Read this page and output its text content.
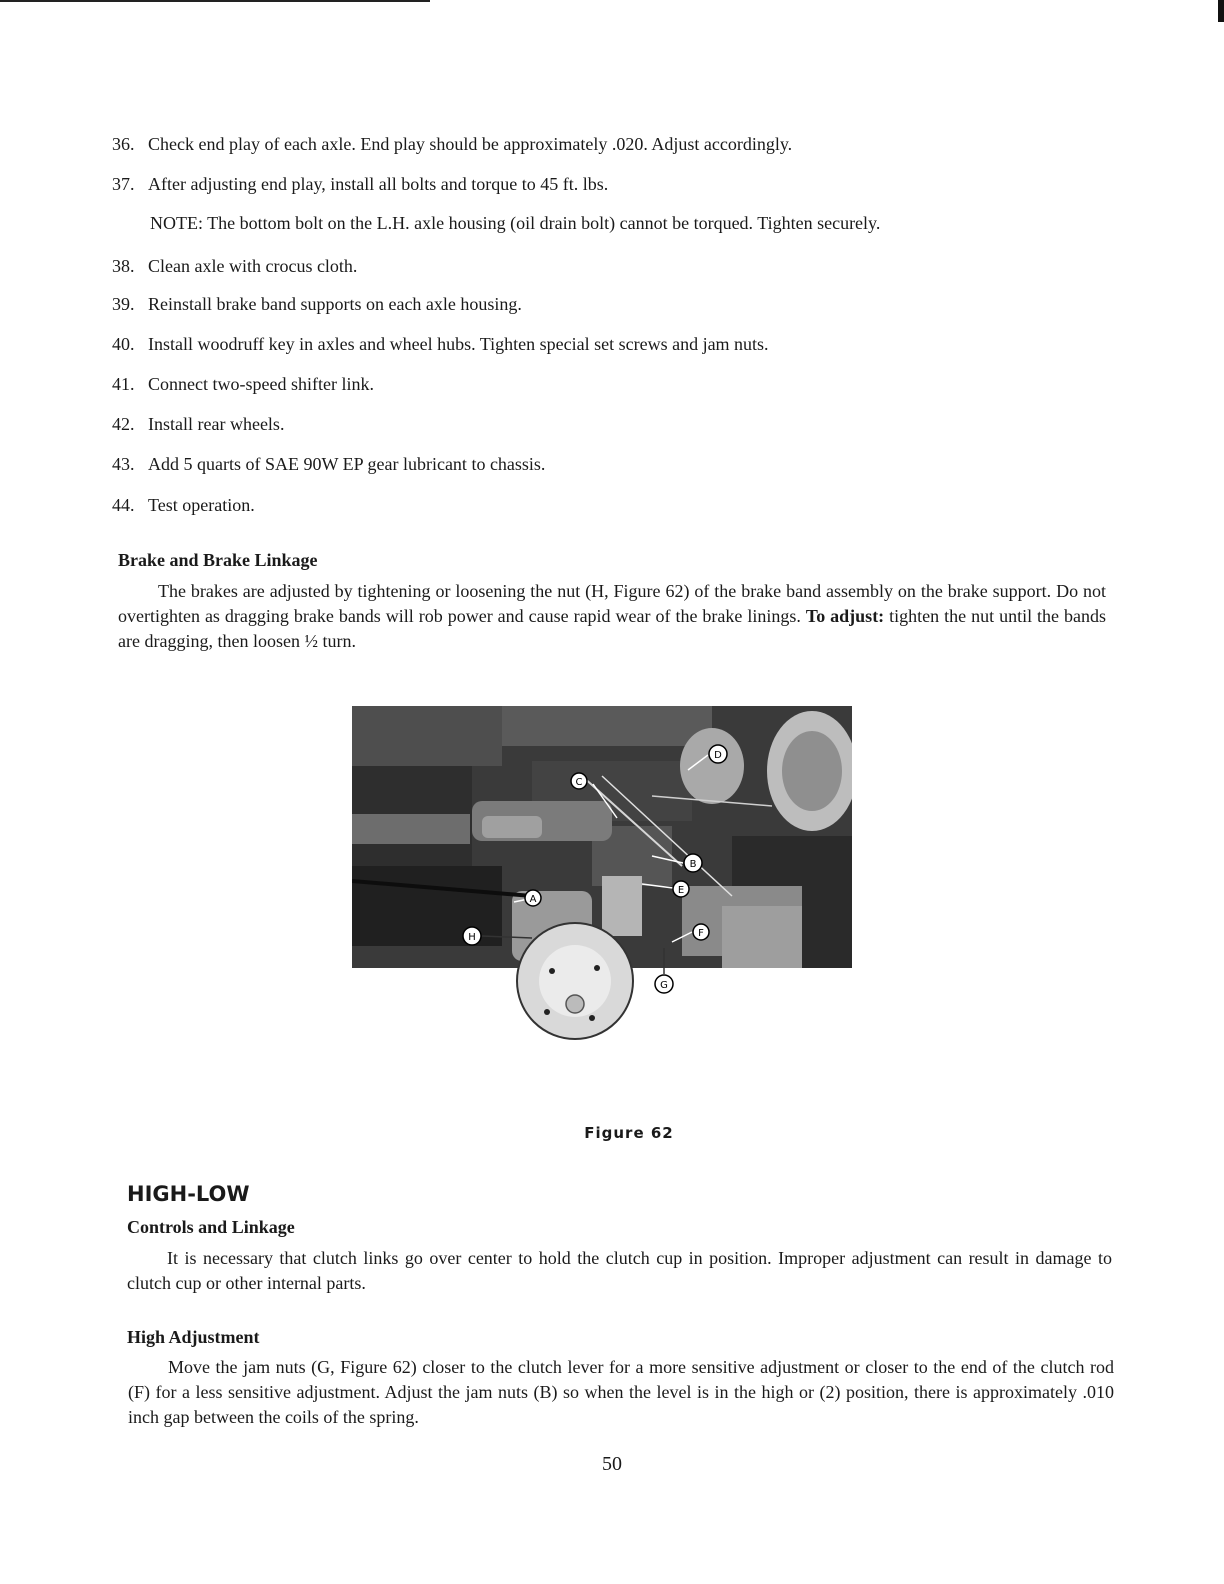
36. Check end play of each axle. End play should be approximately .020. Adjust accordingly.
37. After adjusting end play, install all bolts and torque to 45 ft. lbs.
NOTE: The bottom bolt on the L.H. axle housing (oil drain bolt) cannot be torqued. Tighten securely.
38. Clean axle with crocus cloth.
39. Reinstall brake band supports on each axle housing.
40. Install woodruff key in axles and wheel hubs. Tighten special set screws and jam nuts.
41. Connect two-speed shifter link.
42. Install rear wheels.
43. Add 5 quarts of SAE 90W EP gear lubricant to chassis.
44. Test operation.
Brake and Brake Linkage
The brakes are adjusted by tightening or loosening the nut (H, Figure 62) of the brake band assembly on the brake support. Do not overtighten as dragging brake bands will rob power and cause rapid wear of the brake linings. To adjust: tighten the nut until the bands are dragging, then loosen ½ turn.
A
B
C
D
E
F
G
H
Figure 62
HIGH-LOW
Controls and Linkage
It is necessary that clutch links go over center to hold the clutch cup in position. Improper adjustment can result in damage to clutch cup or other internal parts.
High Adjustment
Move the jam nuts (G, Figure 62) closer to the clutch lever for a more sensitive adjustment or closer to the end of the clutch rod (F) for a less sensitive adjustment. Adjust the jam nuts (B) so when the level is in the high or (2) position, there is approximately .010 inch gap between the coils of the spring.
50
